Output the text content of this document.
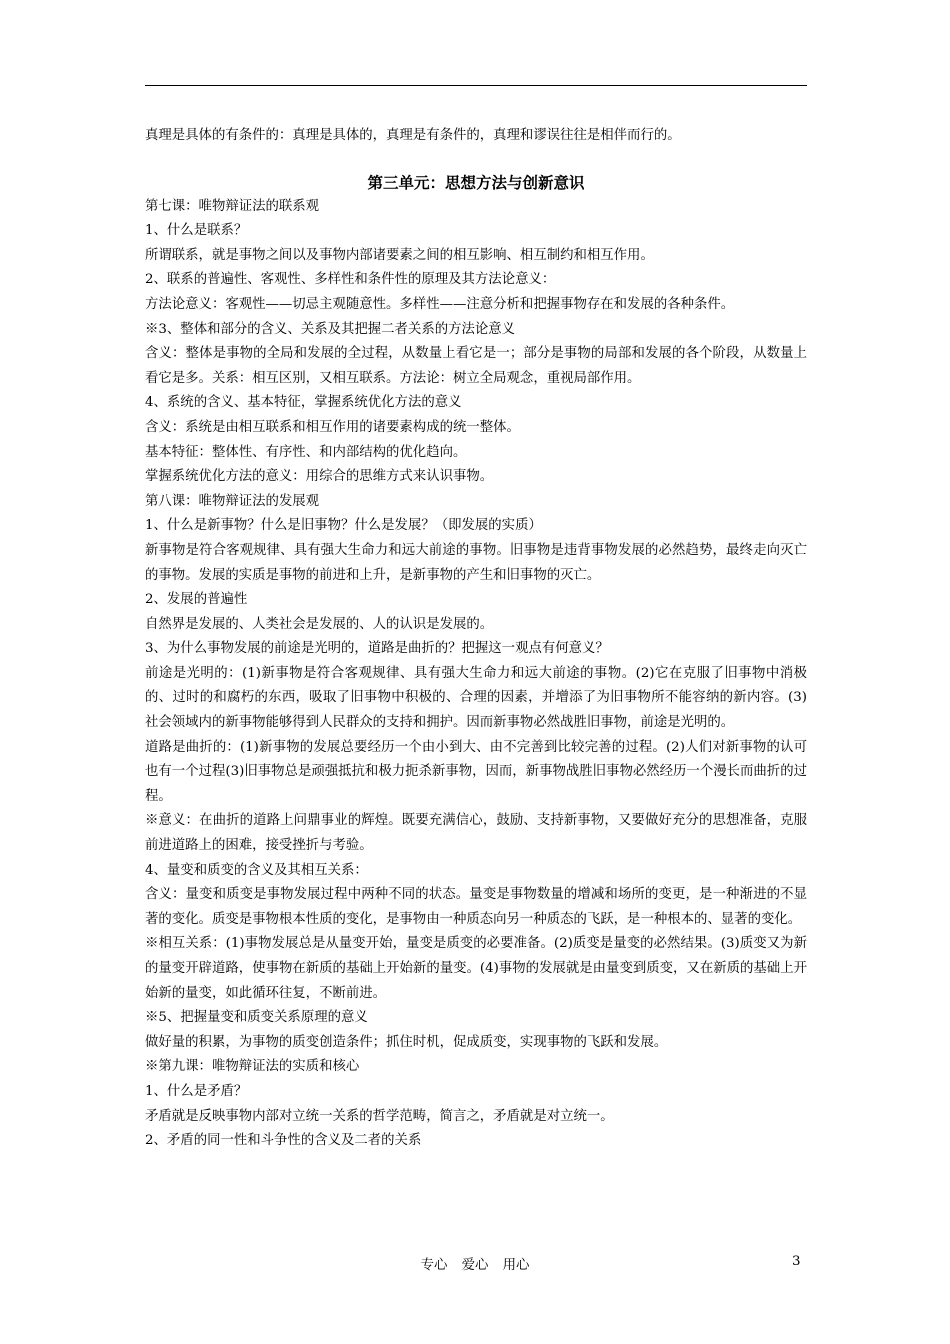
真理是具体的有条件的：真理是具体的，真理是有条件的，真理和谬误往往是相伴而行的。
第三单元：思想方法与创新意识
第七课：唯物辩证法的联系观
1、什么是联系？
所谓联系，就是事物之间以及事物内部诸要素之间的相互影响、相互制约和相互作用。
2、联系的普遍性、客观性、多样性和条件性的原理及其方法论意义：
方法论意义：客观性——切忌主观随意性。多样性——注意分析和把握事物存在和发展的各种条件。
※3、整体和部分的含义、关系及其把握二者关系的方法论意义
含义：整体是事物的全局和发展的全过程，从数量上看它是一；部分是事物的局部和发展的各个阶段，从数量上看它是多。关系：相互区别，又相互联系。方法论：树立全局观念，重视局部作用。
4、系统的含义、基本特征，掌握系统优化方法的意义
含义：系统是由相互联系和相互作用的诸要素构成的统一整体。
基本特征：整体性、有序性、和内部结构的优化趋向。
掌握系统优化方法的意义：用综合的思维方式来认识事物。
第八课：唯物辩证法的发展观
1、什么是新事物？什么是旧事物？什么是发展？（即发展的实质）
新事物是符合客观规律、具有强大生命力和远大前途的事物。旧事物是违背事物发展的必然趋势，最终走向灭亡的事物。发展的实质是事物的前进和上升，是新事物的产生和旧事物的灭亡。
2、发展的普遍性
自然界是发展的、人类社会是发展的、人的认识是发展的。
3、为什么事物发展的前途是光明的，道路是曲折的？把握这一观点有何意义？
前途是光明的：(1)新事物是符合客观规律、具有强大生命力和远大前途的事物。(2)它在克服了旧事物中消极的、过时的和腐朽的东西，吸取了旧事物中积极的、合理的因素，并增添了为旧事物所不能容纳的新内容。(3) 社会领域内的新事物能够得到人民群众的支持和拥护。因而新事物必然战胜旧事物，前途是光明的。
道路是曲折的：(1)新事物的发展总要经历一个由小到大、由不完善到比较完善的过程。(2)人们对新事物的认可也有一个过程(3)旧事物总是顽强抵抗和极力扼杀新事物，因而，新事物战胜旧事物必然经历一个漫长而曲折的过程。
※意义：在曲折的道路上问鼎事业的辉煌。既要充满信心，鼓励、支持新事物，又要做好充分的思想准备，克服前进道路上的困难，接受挫折与考验。
4、量变和质变的含义及其相互关系：
含义：量变和质变是事物发展过程中两种不同的状态。量变是事物数量的增减和场所的变更，是一种渐进的不显著的变化。质变是事物根本性质的变化，是事物由一种质态向另一种质态的飞跃，是一种根本的、显著的变化。
※相互关系：(1)事物发展总是从量变开始，量变是质变的必要准备。(2)质变是量变的必然结果。(3)质变又为新的量变开辟道路，使事物在新质的基础上开始新的量变。(4)事物的发展就是由量变到质变，又在新质的基础上开始新的量变，如此循环往复，不断前进。
※5、把握量变和质变关系原理的意义
做好量的积累，为事物的质变创造条件；抓住时机，促成质变，实现事物的飞跃和发展。
※第九课：唯物辩证法的实质和核心
1、什么是矛盾？
矛盾就是反映事物内部对立统一关系的哲学范畴，简言之，矛盾就是对立统一。
2、矛盾的同一性和斗争性的含义及二者的关系
专心 爱心 用心	3
